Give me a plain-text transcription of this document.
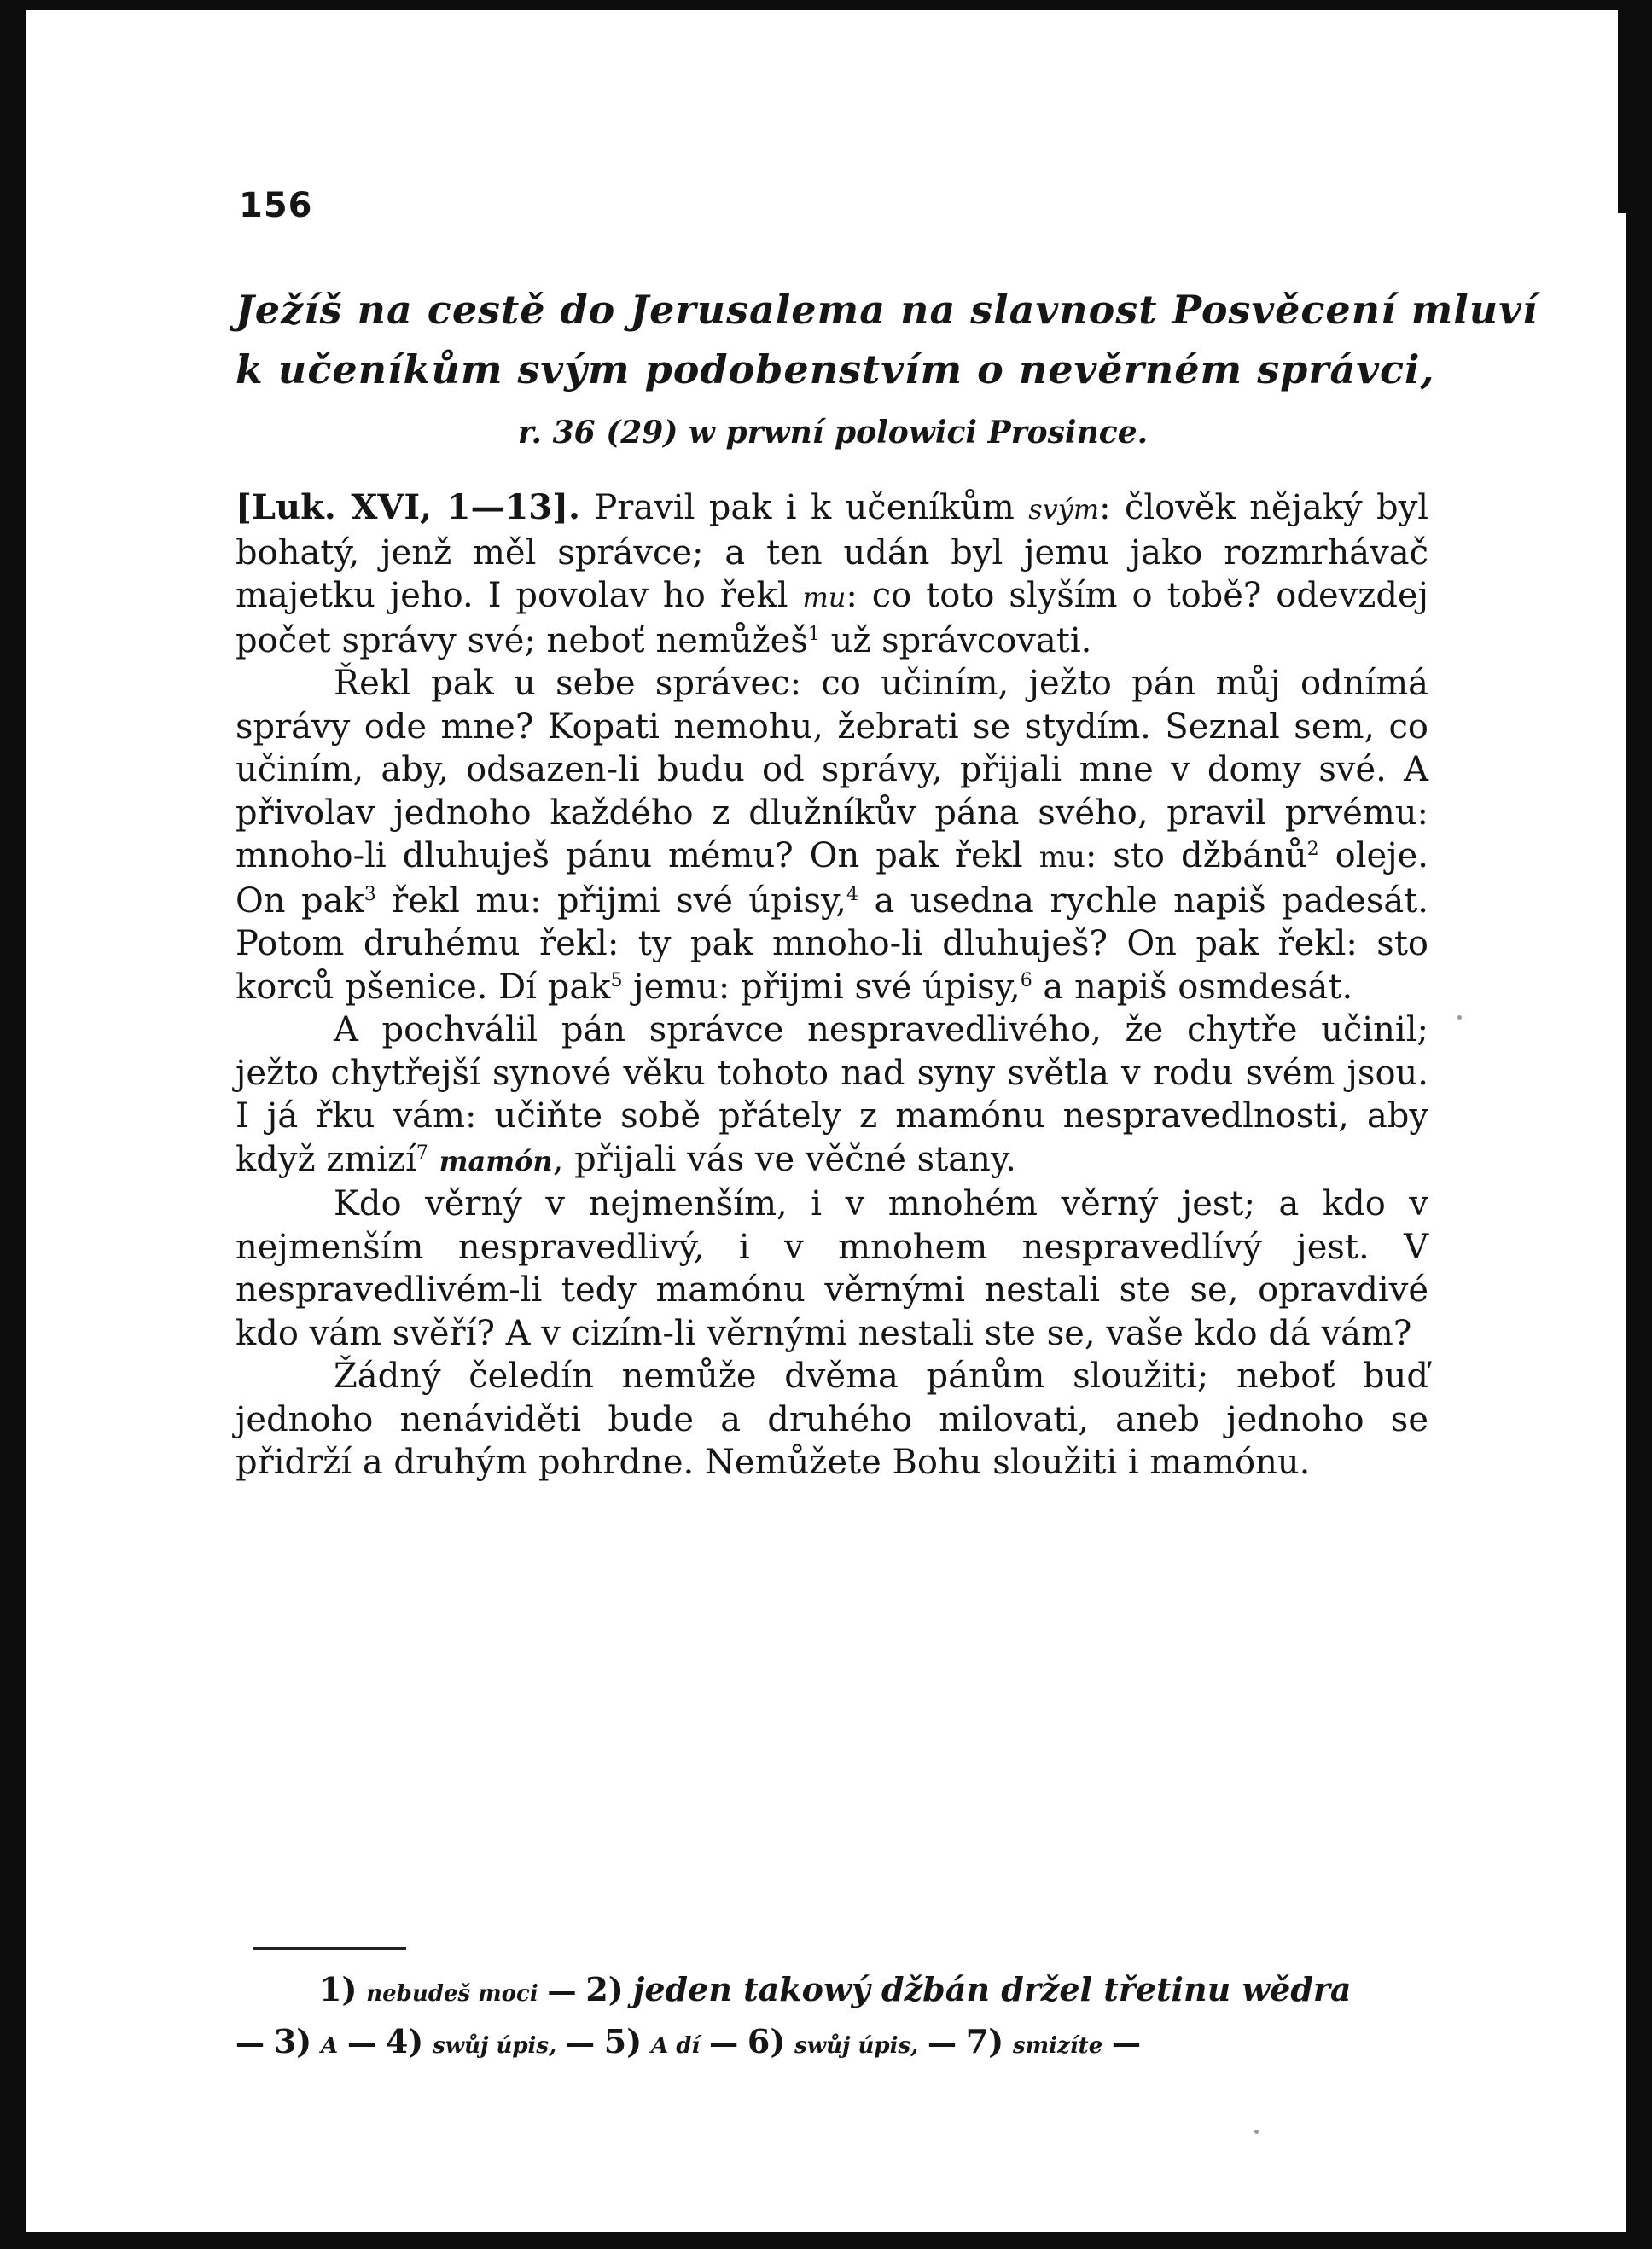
156
Ježíš na cestě do Jerusalema na slavnost Posvěcení mluví
k učeníkům svým podobenstvím o nevěrném správci,
r. 36 (29) w prwní polowici Prosince.

[Luk. XVI, 1—13]. Pravil pak i k učeníkům svým: člověk nějaký byl bohatý, jenž měl správce; a ten udán byl jemu jako rozmrhávač majetku jeho. I povolav ho řekl mu: co toto slyším o tobě? odevzdej počet správy své; neboť nemůžeš$^1$ už správcovati.

Řekl pak u sebe správec: co učiním, ježto pán můj odnímá správy ode mne? Kopati nemohu, žebrati se stydím. Seznal sem, co učiním, aby, odsazen-li budu od správy, přijali mne v domy své. A přivolav jednoho každého z dlužníkův pána svého, pravil prvému: mnoho-li dluhuješ pánu mému? On pak řekl mu: sto džbánů$^2$ oleje. On pak$^3$ řekl mu: přijmi své úpisy,$^4$ a usedna rychle napiš padesát. Potom druhému řekl: ty pak mnoho-li dluhuješ? On pak řekl: sto korců pšenice. Dí pak$^5$ jemu: přijmi své úpisy,$^6$ a napiš osmdesát.

A pochválil pán správce nespravedlivého, že chytře učinil; ježto chytřejší synové věku tohoto nad syny světla v rodu svém jsou. I já řku vám: učiňte sobě přátely z mamónu nespravedlnosti, aby když zmizí$^7$ mamón, přijali vás ve věčné stany.

Kdo věrný v nejmenším, i v mnohém věrný jest; a kdo v nejmenším nespravedlivý, i v mnohem nespravedlívý jest. V nespravedlivém-li tedy mamónu věrnými nestali ste se, opravdivé kdo vám svěří? A v cizím-li věrnými nestali ste se, vaše kdo dá vám?

Žádný čeledín nemůže dvěma pánům sloužiti; neboť buď jednoho nenáviděti bude a druhého milovati, aneb jednoho se přidrží a druhým pohrdne. Nemůžete Bohu sloužiti i mamónu.

1) nebudeš moci — 2) jeden takowý džbán držel třetinu wědra
— 3) A — 4) swůj úpis, — 5) A dí — 6) swůj úpis, — 7) smizíte —
